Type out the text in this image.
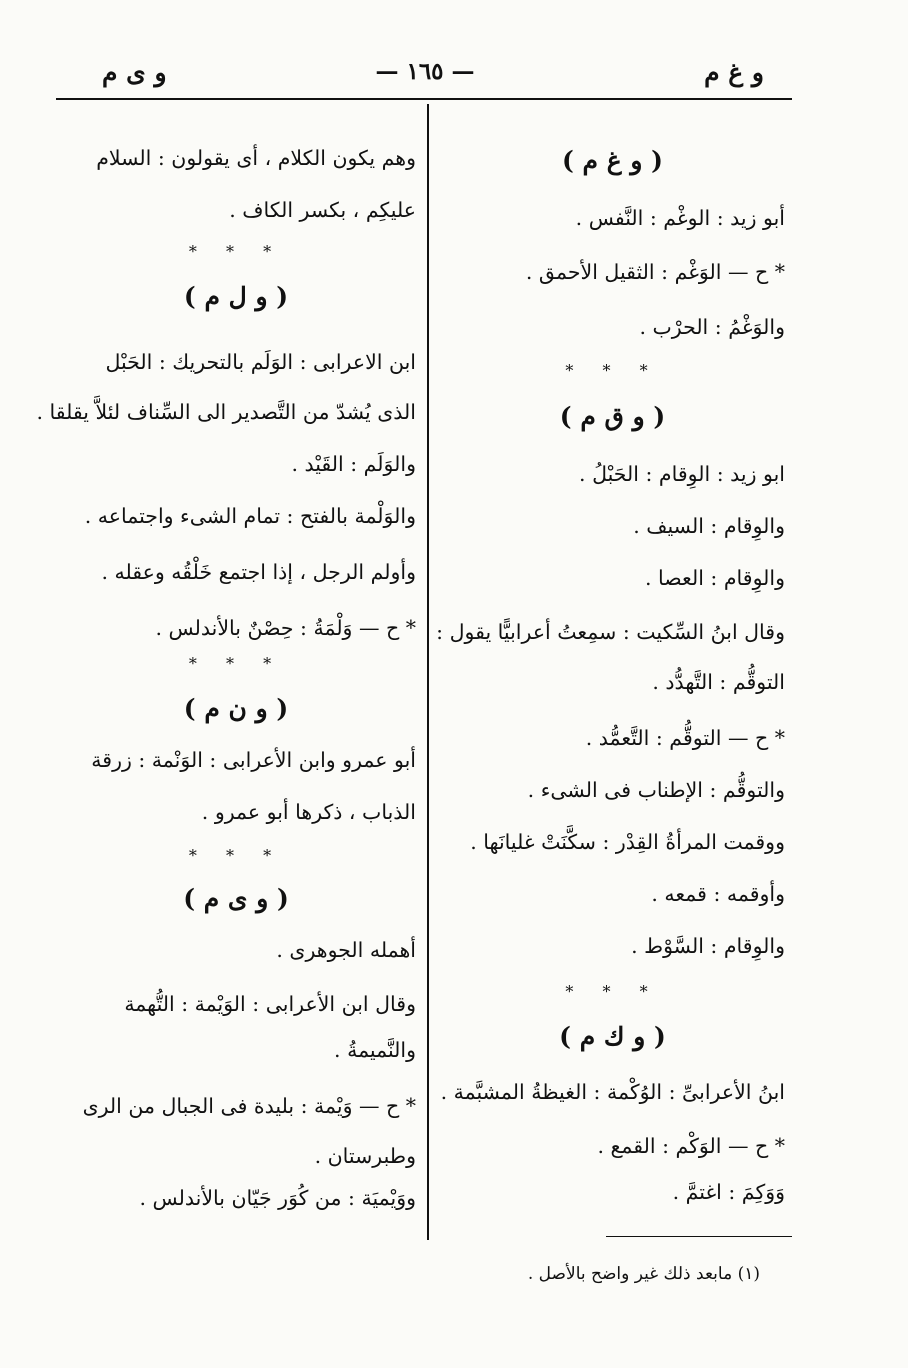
و غ م
— ١٦٥ —
و ى م
( و غ م )
أبو زيد : الوغْم : النَّفس .
* ح — الوَغْم : الثقيل الأحمق .
والوَغْمُ : الحرْب .
* * *
( و ق م )
ابو زيد : الوِقام : الحَبْلُ .
والوِقام : السيف .
والوِقام : العصا .
وقال ابنُ السِّكيت : سمِعتُ أعرابيًّا يقول :
التوقُّم : التَّهدُّد .
* ح — التوقُّم : التَّعمُّد .
والتوقُّم : الإطناب فى الشىء .
ووقمت المرأةُ القِدْر : سكَّنَتْ غليانَها .
وأوقمه : قمعه .
والوِقام : السَّوْط .
* * *
( و ك م )
ابنُ الأعرابىِّ : الوُكْمة : الغيظةُ المشبَّمة .
* ح — الوَكْم : القمع .
وَوَكِمَ : اغتمَّ .
وهم يكون الكلام ، أى يقولون : السلام
عليكِم ، بكسر الكاف .
* * *
( و ل م )
ابن الاعرابى : الوَلَم بالتحريك : الحَبْل
الذى يُشدّ من التَّصدير الى السِّناف لئلاَّ يقلقا .
والوَلَم : القَيْد .
والوَلْمة بالفتح : تمام الشىء واجتماعه .
وأولم الرجل ، إذا اجتمع خَلْقُه وعقله .
* ح — وَلْمَةُ : حِصْنٌ بالأندلس .
* * *
( و ن م )
أبو عمرو وابن الأعرابى : الوَنْمة : زرقة
الذباب ، ذكرها أبو عمرو .
* * *
( و ى م )
أهمله الجوهرى .
وقال ابن الأعرابى : الوَيْمة : التُّهمة
والنَّميمةُ .
* ح — وَيْمة : بليدة فى الجبال من الرى
وطبرستان .
ووَيْميَة : من كُوَر جَيّان بالأندلس .
(١) مابعد ذلك غير واضح بالأصل .
